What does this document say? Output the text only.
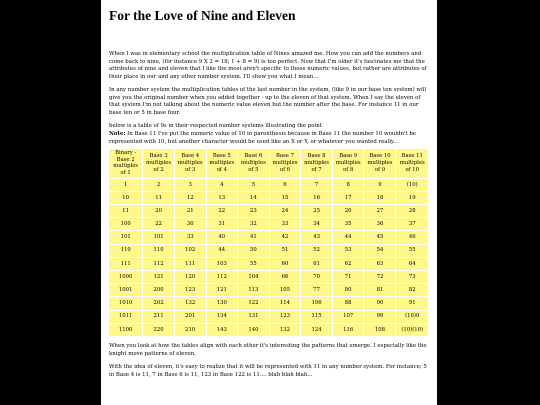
For the Love of Nine and Eleven

When I was in elementary school the multiplication table of Nines amazed me. How you can add the numbers and come back to nine, (for instance 9 X 2 = 18; 1 + 8 = 9) is too perfect. Now that I'm older it's fascinates me that the attributes of nine and eleven that I like the most aren't specific to those numeric values, but rather are attributes of their place in our and any other number system. I'll show you what I mean...

In any number system the multiplication tables of the last number in the system, (like 9 in our base ten system) will give you the original number when you added together - up to the eleven of that system. When I say the eleven of that system I'm not talking about the numeric value eleven but the number after the base. For instance 11 in our base ten or 5 in base four.

below is a table of 9s in their respected number systems illustrating the point
Note: In Base 11 I've put the numeric value of 10 in parenthesis because in Base 11 the number 10 wouldn't be represented with 10, but another character would be used like an X or Y, or whatever you wanted really...

Binary - Base 2 multiples of 1	Base 3 multiples of 2	Base 4 multiples of 3	Base 5 multiples of 4	Base 6 multiples of 5	Base 7 multiples of 6	Base 8 multiples of 7	Base 9 multiples of 8	Base 10 multiples of 9	Base 11 multiples of 10
1	2	3	4	5	6	7	8	9	(10)
10	11	12	13	14	15	16	17	18	19
11	20	21	22	23	24	25	26	27	28
100	22	30	31	32	33	34	35	36	37
101	101	33	40	41	42	43	44	45	46
110	110	102	44	50	51	52	53	54	55
111	112	111	103	55	60	61	62	63	64
1000	121	120	112	104	66	70	71	72	73
1001	200	123	121	113	105	77	80	81	82
1010	202	132	130	122	114	106	88	90	91
1011	211	201	134	131	123	115	107	99	(10)0
1100	220	210	143	140	132	124	116	108	(10)(10)

When you look at how the tables align with each other it's interesting the patterns that emerge. I especially like the knight move patterns of eleven.

With the idea of eleven, it's easy to realize that it will be represented with 11 in any number system. For instance; 5 in Base 4 is 11, 7 in Base 6 is 11, 123 in Base 122 is 11.... blah blah blah...
